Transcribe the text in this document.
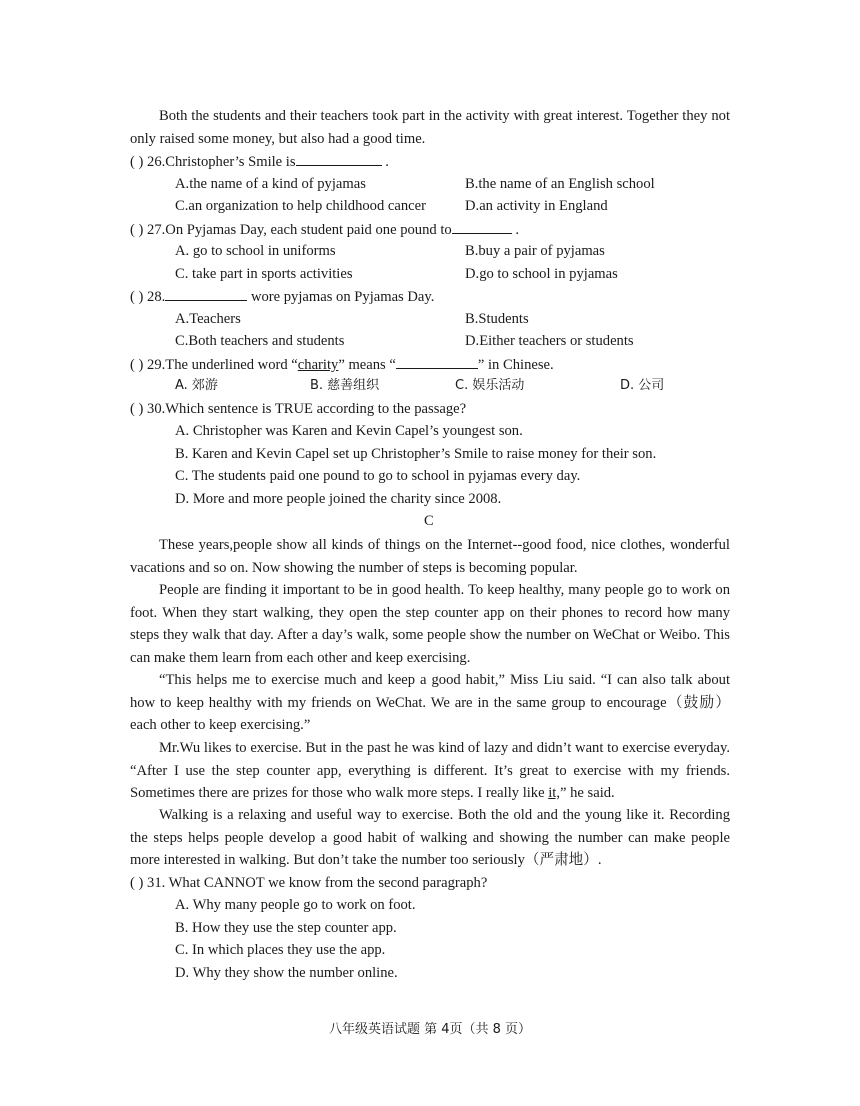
Both the students and their teachers took part in the activity with great interest. Together they not only raised some money, but also had a good time.
( ) 26.Christopher’s Smile is	.
A.the name of a kind of pyjamas	B.the name of an English school
C.an organization to help childhood cancer	D.an activity in England
( ) 27.On Pyjamas Day, each student paid one pound to	.
A. go to school in uniforms	B.buy a pair of pyjamas
C. take part in sports activities	D.go to school in pyjamas
( ) 28.	wore pyjamas on Pyjamas Day.
A.Teachers	B.Students
C.Both teachers and students	D.Either teachers or students
( ) 29.The underlined word “charity” means “	” in Chinese.
A. 郊游	B. 慈善组织	C. 娱乐活动	D. 公司
( ) 30.Which sentence is TRUE according to the passage?
A. Christopher was Karen and Kevin Capel’s youngest son.
B. Karen and Kevin Capel set up Christopher’s Smile to raise money for their son.
C. The students paid one pound to go to school in pyjamas every day.
D. More and more people joined the charity since 2008.
C
These years,people show all kinds of things on the Internet--good food, nice clothes, wonderful vacations and so on. Now showing the number of steps is becoming popular.
People are finding it important to be in good health. To keep healthy, many people go to work on foot. When they start walking, they open the step counter app on their phones to record how many steps they walk that day. After a day’s walk, some people show the number on WeChat or Weibo. This can make them learn from each other and keep exercising.
“This helps me to exercise much and keep a good habit,” Miss Liu said. “I can also talk about how to keep healthy with my friends on WeChat. We are in the same group to encourage（鼓励） each other to keep exercising.”
Mr.Wu likes to exercise. But in the past he was kind of lazy and didn’t want to exercise everyday. “After I use the step counter app, everything is different. It’s great to exercise with my friends. Sometimes there are prizes for those who walk more steps. I really like it,” he said.
Walking is a relaxing and useful way to exercise. Both the old and the young like it. Recording the steps helps people develop a good habit of walking and showing the number can make people more interested in walking. But don’t take the number too seriously（严肃地）.
( ) 31. What CANNOT we know from the second paragraph?
A. Why many people go to work on foot.
B. How they use the step counter app.
C. In which places they use the app.
D. Why they show the number online.
八年级英语试题 第 4页（共 8 页）
